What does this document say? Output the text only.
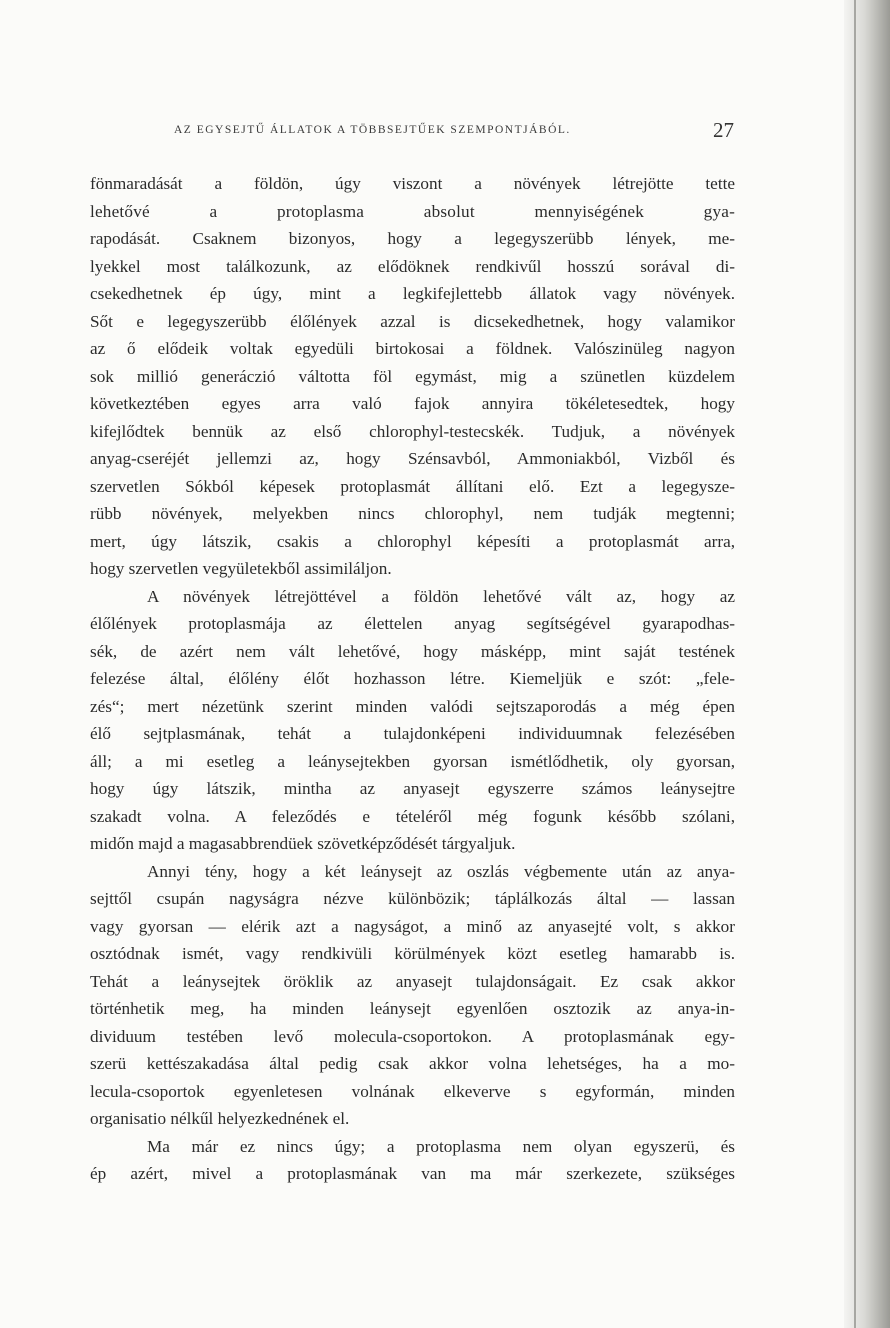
AZ EGYSEJTŰ ÁLLATOK A TÖBBSEJTŰEK SZEMPONTJÁBÓL.	27
fönmaradását a földön, úgy viszont a növények létrejötte tette
lehetővé a protoplasma absolut mennyiségének gya-
rapodását. Csaknem bizonyos, hogy a legegyszerübb lények, me-
lyekkel most találkozunk, az elődöknek rendkivűl hosszú sorával di-
csekedhetnek ép úgy, mint a legkifejlettebb állatok vagy növények.
Sőt e legegyszerübb élőlények azzal is dicsekedhetnek, hogy valamikor
az ő elődeik voltak egyedüli birtokosai a földnek. Valószinüleg nagyon
sok millió generáczió váltotta föl egymást, mig a szünetlen küzdelem
következtében egyes arra való fajok annyira tökéletesedtek, hogy
kifejlődtek bennük az első chlorophyl-testecskék. Tudjuk, a növények
anyag-cseréjét jellemzi az, hogy Szénsavból, Ammoniakból, Vizből és
szervetlen Sókból képesek protoplasmát állítani elő. Ezt a legegysze-
rübb növények, melyekben nincs chlorophyl, nem tudják megtenni;
mert, úgy látszik, csakis a chlorophyl képesíti a protoplasmát arra,
hogy szervetlen vegyületekből assimiláljon.
A növények létrejöttével a földön lehetővé vált az, hogy az
élőlények protoplasmája az élettelen anyag segítségével gyarapodhas-
sék, de azért nem vált lehetővé, hogy másképp, mint saját testének
felezése által, élőlény élőt hozhasson létre. Kiemeljük e szót: „fele-
zés“; mert nézetünk szerint minden valódi sejtszaporodás a még épen
élő sejtplasmának, tehát a tulajdonképeni individuumnak felezésében
áll; a mi esetleg a leánysejtekben gyorsan ismétlődhetik, oly gyorsan,
hogy úgy látszik, mintha az anyasejt egyszerre számos leánysejtre
szakadt volna. A feleződés e tételéről még fogunk később szólani,
midőn majd a magasabbrendüek szövetképződését tárgyaljuk.
Annyi tény, hogy a két leánysejt az oszlás végbemente után az anya-
sejttől csupán nagyságra nézve különbözik; táplálkozás által — lassan
vagy gyorsan — elérik azt a nagyságot, a minő az anyasejté volt, s akkor
osztódnak ismét, vagy rendkivüli körülmények közt esetleg hamarabb is.
Tehát a leánysejtek öröklik az anyasejt tulajdonságait. Ez csak akkor
történhetik meg, ha minden leánysejt egyenlően osztozik az anya-in-
dividuum testében levő molecula-csoportokon. A protoplasmának egy-
szerü kettészakadása által pedig csak akkor volna lehetséges, ha a mo-
lecula-csoportok egyenletesen volnának elkeverve s egyformán, minden
organisatio nélkűl helyezkednének el.
Ma már ez nincs úgy; a protoplasma nem olyan egyszerü, és
ép azért, mivel a protoplasmának van ma már szerkezete, szükséges
